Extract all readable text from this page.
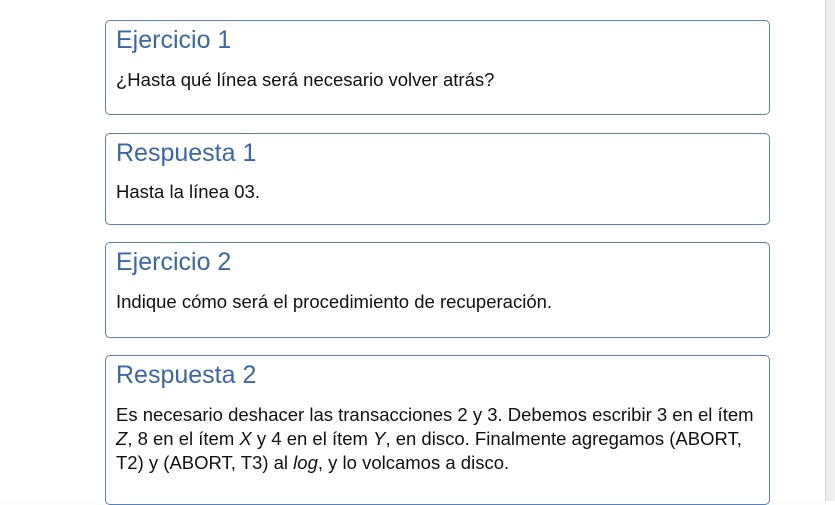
Ejercicio 1
¿Hasta qué línea será necesario volver atrás?
Respuesta 1
Hasta la línea 03.
Ejercicio 2
Indique cómo será el procedimiento de recuperación.
Respuesta 2
Es necesario deshacer las transacciones 2 y 3. Debemos escribir 3 en el ítem Z, 8 en el ítem X y 4 en el ítem Y, en disco. Finalmente agregamos (ABORT, T2) y (ABORT, T3) al log, y lo volcamos a disco.
